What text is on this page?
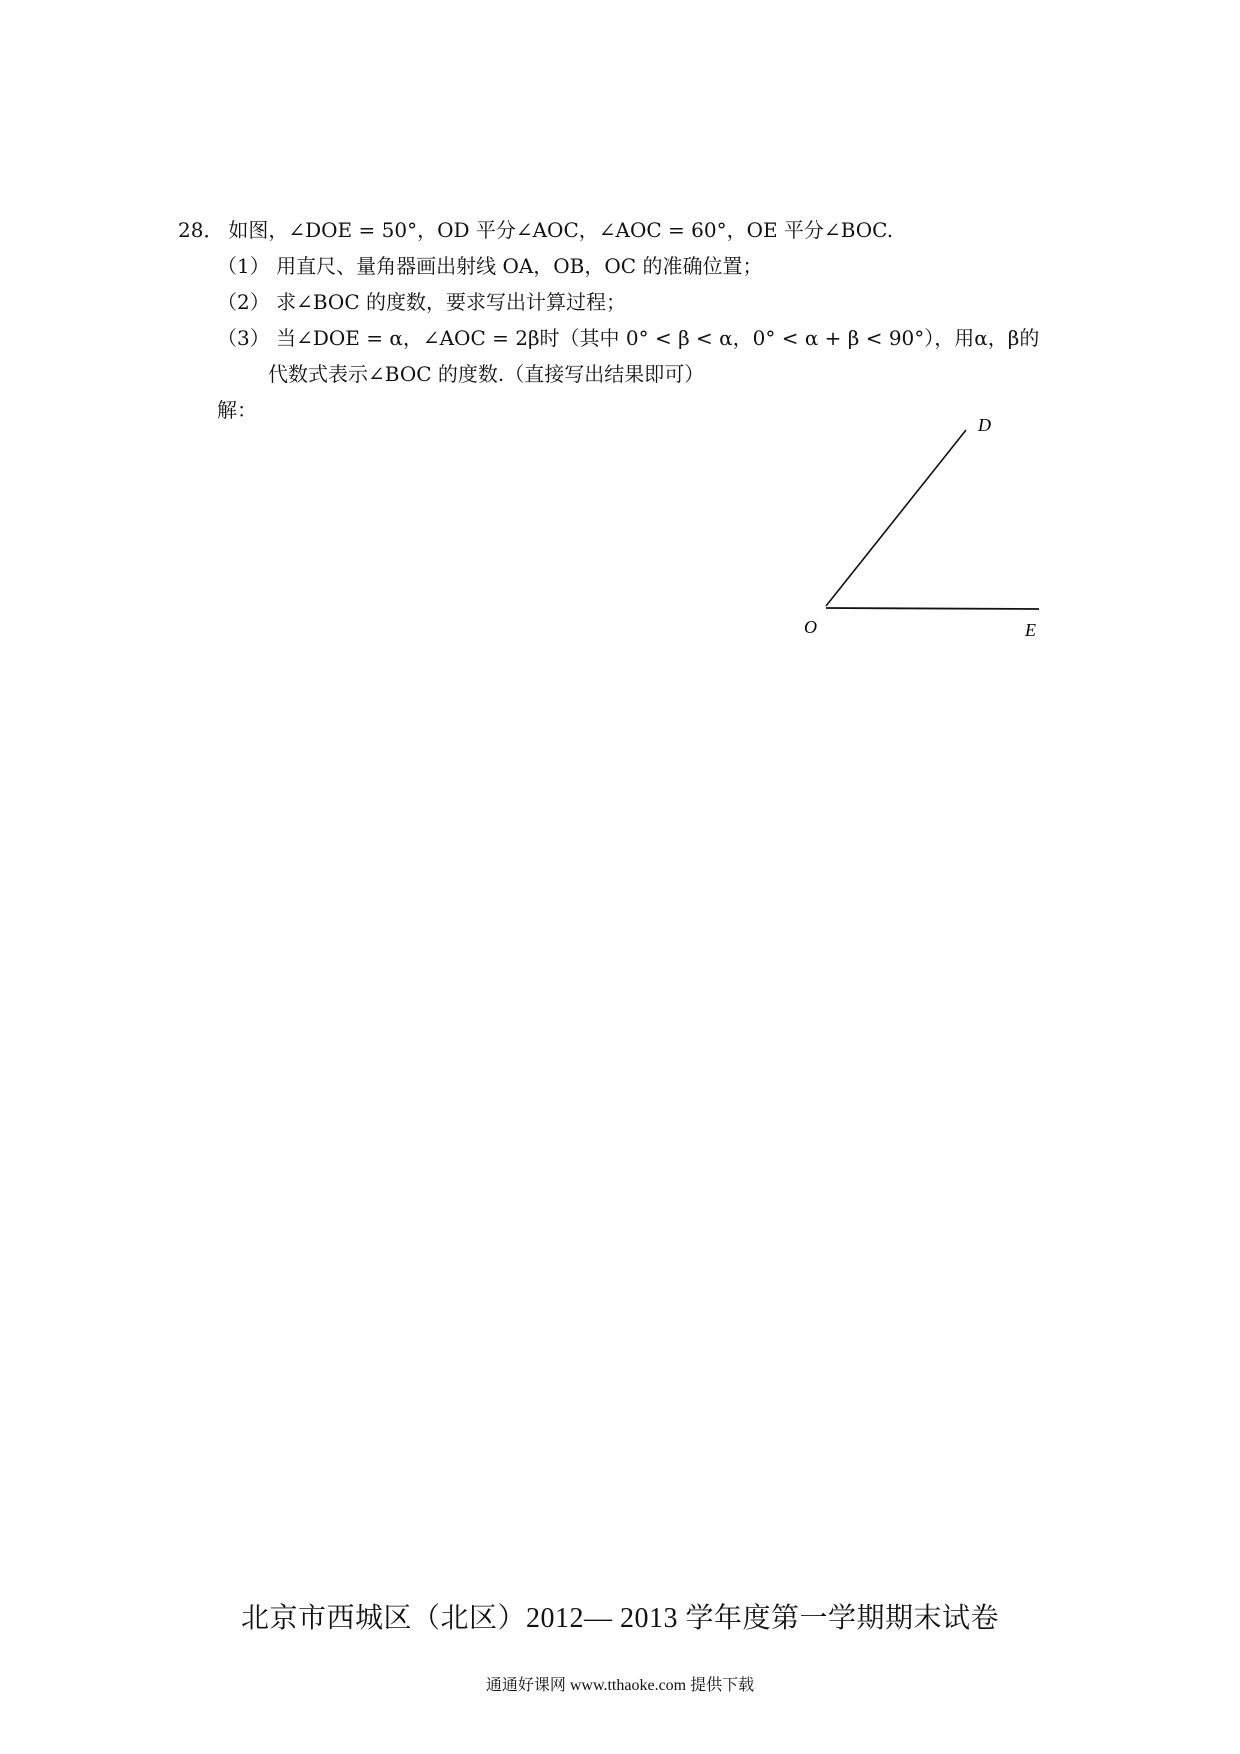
28． 如图，∠DOE = 50°，OD 平分∠AOC，∠AOC = 60°，OE 平分∠BOC.
（1） 用直尺、量角器画出射线 OA，OB，OC 的准确位置；
（2） 求∠BOC 的度数，要求写出计算过程；
（3） 当∠DOE = α，∠AOC = 2β时（其中 0° < β < α，0° < α + β < 90°），用α，β的
代数式表示∠BOC 的度数.（直接写出结果即可）
解：
D
O	E
北京市西城区（北区）2012— 2013 学年度第一学期期末试卷
通通好课网 www.tthaoke.com 提供下载
